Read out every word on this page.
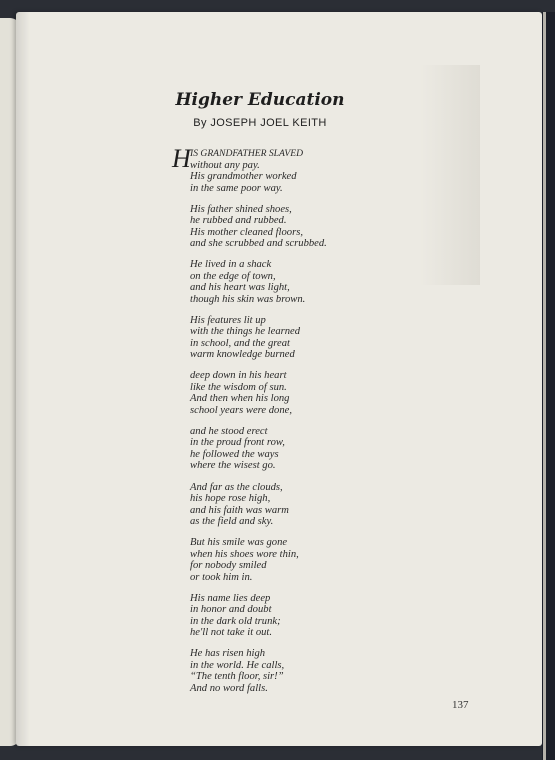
Higher Education
By JOSEPH JOEL KEITH
H IS GRANDFATHER SLAVED
without any pay.
His grandmother worked
in the same poor way.
His father shined shoes,
he rubbed and rubbed.
His mother cleaned floors,
and she scrubbed and scrubbed.
He lived in a shack
on the edge of town,
and his heart was light,
though his skin was brown.
His features lit up
with the things he learned
in school, and the great
warm knowledge burned
deep down in his heart
like the wisdom of sun.
And then when his long
school years were done,
and he stood erect
in the proud front row,
he followed the ways
where the wisest go.
And far as the clouds,
his hope rose high,
and his faith was warm
as the field and sky.
But his smile was gone
when his shoes wore thin,
for nobody smiled
or took him in.
His name lies deep
in honor and doubt
in the dark old trunk;
he'll not take it out.
He has risen high
in the world. He calls,
“The tenth floor, sir!”
And no word falls.
137
